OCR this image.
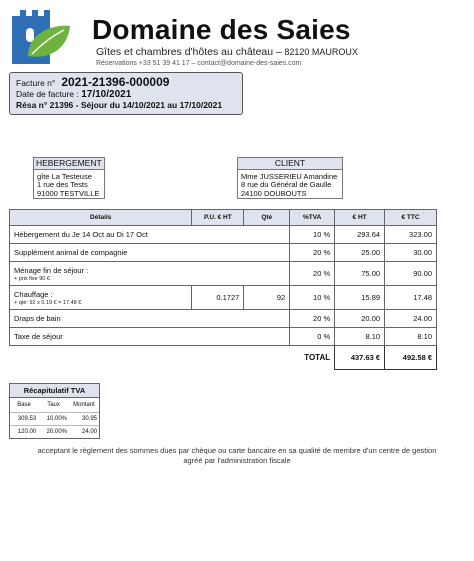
Domaine des Saies
Gîtes et chambres d'hôtes au château – 82120 MAUROUX
Réservations +33 51 39 41 17 – contact@domaine-des-saies.com
Facture n° 2021-21396-000009
Date de facture : 17/10/2021
Résa n° 21396 - Séjour du 14/10/2021 au 17/10/2021
HEBERGEMENT
gîte La Testeuse
1 rue des Tests
91000 TESTVILLE
CLIENT
Mme JUSSERIEU Amandine
8 rue du Général de Gaulle
24100 DOUBOUTS
Détails	P.U. € HT	Qté	%TVA	€ HT	€ TTC
Hébergement du Je 14 Oct au Di 17 Oct			10 %	293.64	323.00
Supplément animal de compagnie			20 %	25.00	30.00

Ménage fin de séjour :
+ prix fixe 90 €			20 %	75.00	90.00

Chauffage :
+ qté: 92 x 0.19 € = 17.48 €	0.1727	92	10 %	15.89	17.48
Draps de bain			20 %	20.00	24.00
Taxe de séjour			0 %	8.10	8.10
			TOTAL	437.63 €	492.58 €
Récapitulatif TVA
Base	Taux	Montant
309.53	10.00%	30.95
120.00	20.00%	24.00
acceptant le règlement des sommes dues par chèque ou carte bancaire en sa qualité de membre d'un centre de gestion
agréé par l'administration fiscale
